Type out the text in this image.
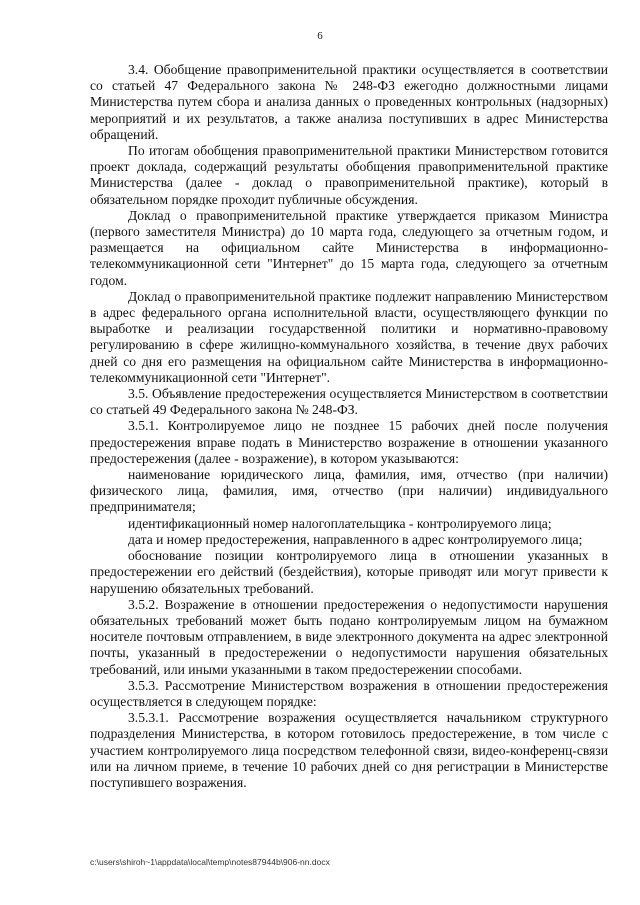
6

3.4. Обобщение правоприменительной практики осуществляется в соответствии со статьей 47 Федерального закона № 248-ФЗ ежегодно должностными лицами Министерства путем сбора и анализа данных о проведенных контрольных (надзорных) мероприятий и их результатов, а также анализа поступивших в адрес Министерства обращений.

По итогам обобщения правоприменительной практики Министерством готовится проект доклада, содержащий результаты обобщения правоприменительной практике Министерства (далее - доклад о правоприменительной практике), который в обязательном порядке проходит публичные обсуждения.

Доклад о правоприменительной практике утверждается приказом Министра (первого заместителя Министра) до 10 марта года, следующего за отчетным годом, и размещается на официальном сайте Министерства в информационно-телекоммуникационной сети "Интернет" до 15 марта года, следующего за отчетным годом.

Доклад о правоприменительной практике подлежит направлению Министерством в адрес федерального органа исполнительной власти, осуществляющего функции по выработке и реализации государственной политики и нормативно-правовому регулированию в сфере жилищно-коммунального хозяйства, в течение двух рабочих дней со дня его размещения на официальном сайте Министерства в информационно-телекоммуникационной сети "Интернет".

3.5. Объявление предостережения осуществляется Министерством в соответствии со статьей 49 Федерального закона № 248-ФЗ.

3.5.1. Контролируемое лицо не позднее 15 рабочих дней после получения предостережения вправе подать в Министерство возражение в отношении указанного предостережения (далее - возражение), в котором указываются:

наименование юридического лица, фамилия, имя, отчество (при наличии) физического лица, фамилия, имя, отчество (при наличии) индивидуального предпринимателя;

идентификационный номер налогоплательщика - контролируемого лица;

дата и номер предостережения, направленного в адрес контролируемого лица;

обоснование позиции контролируемого лица в отношении указанных в предостережении его действий (бездействия), которые приводят или могут привести к нарушению обязательных требований.

3.5.2. Возражение в отношении предостережения о недопустимости нарушения обязательных требований может быть подано контролируемым лицом на бумажном носителе почтовым отправлением, в виде электронного документа на адрес электронной почты, указанный в предостережении о недопустимости нарушения обязательных требований, или иными указанными в таком предостережении способами.

3.5.3. Рассмотрение Министерством возражения в отношении предостережения осуществляется в следующем порядке:

3.5.3.1. Рассмотрение возражения осуществляется начальником структурного подразделения Министерства, в котором готовилось предостережение, в том числе с участием контролируемого лица посредством телефонной связи, видео-конференц-связи или на личном приеме, в течение 10 рабочих дней со дня регистрации в Министерстве поступившего возражения.

c:\users\shiroh~1\appdata\local\temp\notes87944b\906-nn.docx
